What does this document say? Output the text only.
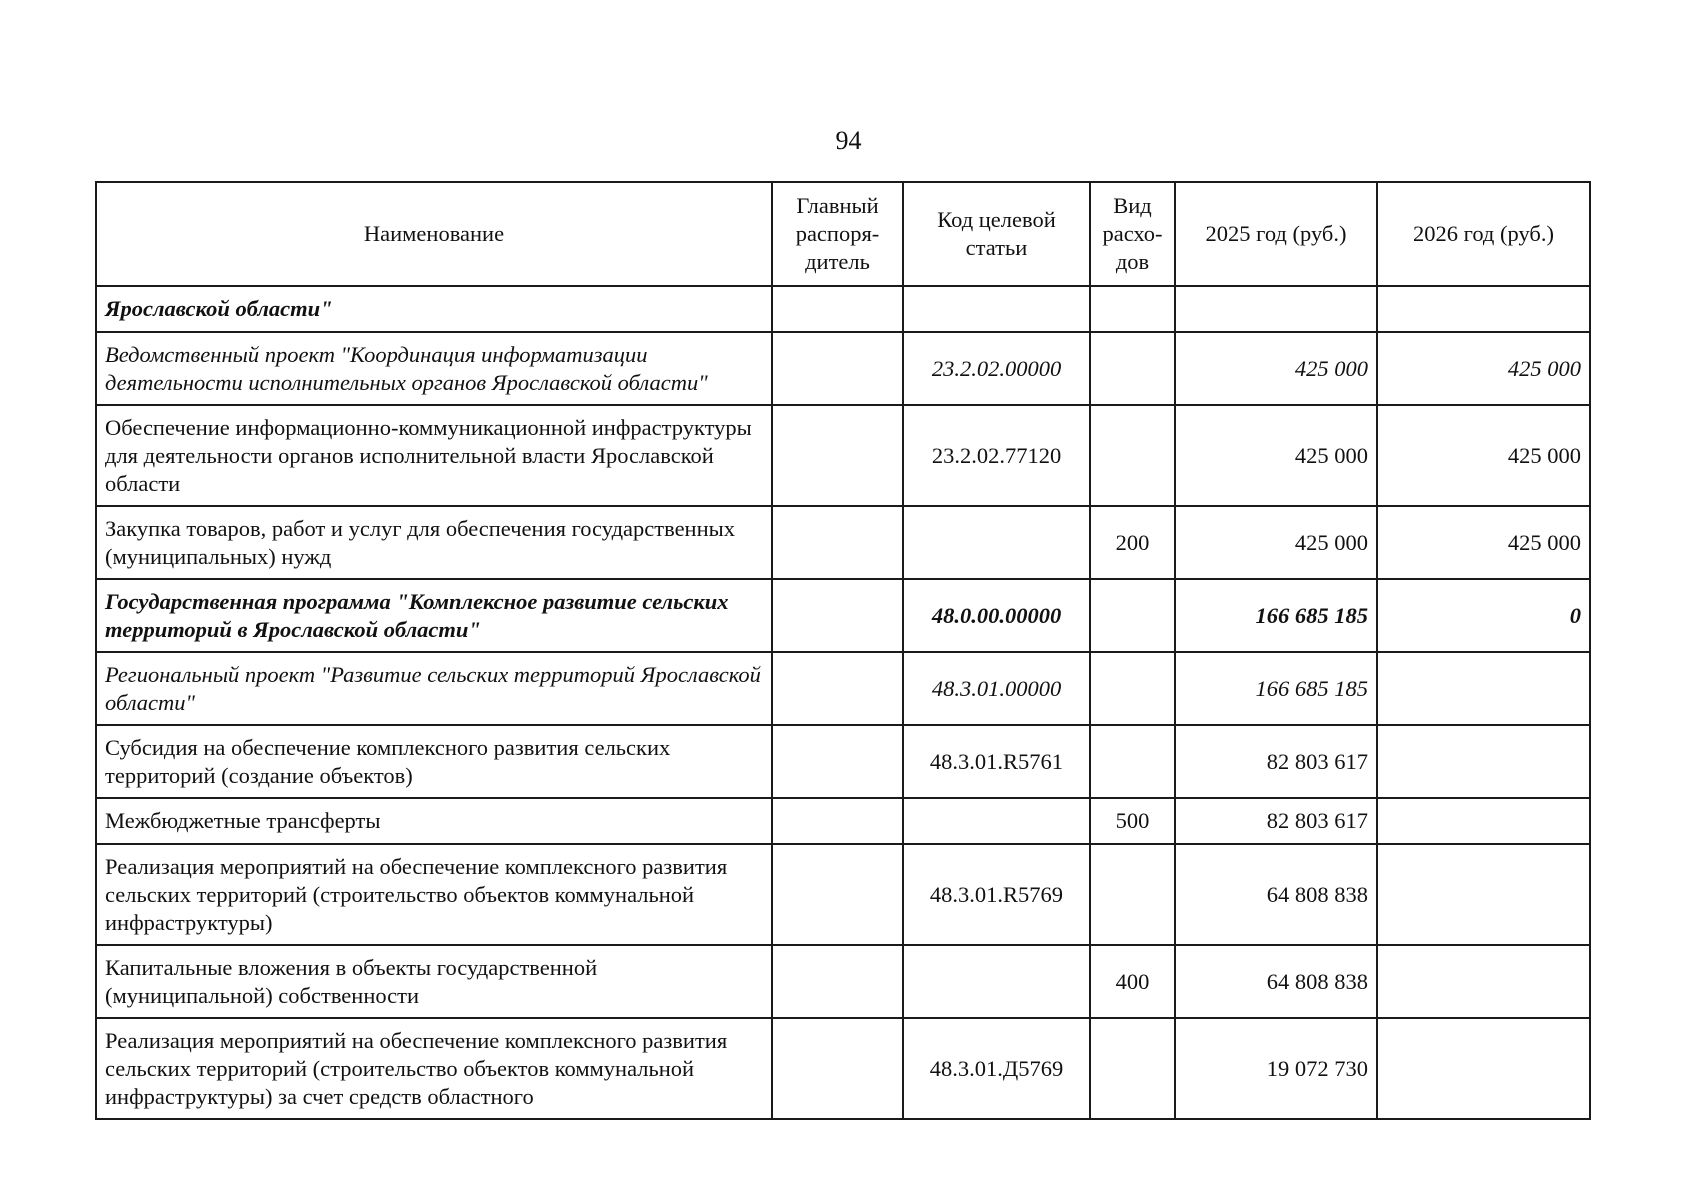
94
Наименование	Главный распоря-дитель	Код целевой статьи	Вид расхо-дов	2025 год (руб.)	2026 год (руб.)
Ярославской области"					
Ведомственный проект "Координация информатизации деятельности исполнительных органов Ярославской области"		23.2.02.00000		425 000	425 000
Обеспечение информационно-коммуникационной инфраструктуры для деятельности органов исполнительной власти Ярославской области		23.2.02.77120		425 000	425 000
Закупка товаров, работ и услуг для обеспечения государственных (муниципальных) нужд			200	425 000	425 000
Государственная программа "Комплексное развитие сельских территорий в Ярославской области"		48.0.00.00000		166 685 185	0
Региональный проект "Развитие сельских территорий Ярославской области"		48.3.01.00000		166 685 185	
Субсидия на обеспечение комплексного развития сельских территорий (создание объектов)		48.3.01.R5761		82 803 617	
Межбюджетные трансферты			500	82 803 617	
Реализация мероприятий на обеспечение комплексного развития сельских территорий (строительство объектов коммунальной инфраструктуры)		48.3.01.R5769		64 808 838	
Капитальные вложения в объекты государственной (муниципальной) собственности			400	64 808 838	
Реализация мероприятий на обеспечение комплексного развития сельских территорий (строительство объектов коммунальной инфраструктуры) за счет средств областного		48.3.01.Д5769		19 072 730	
